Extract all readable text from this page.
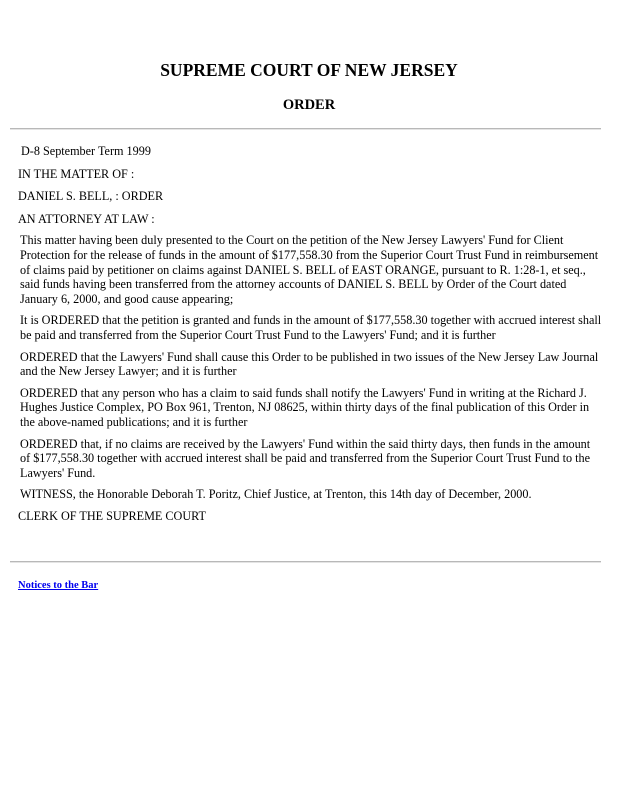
SUPREME COURT OF NEW JERSEY
ORDER

D-8 September Term 1999

IN THE MATTER OF :

DANIEL S. BELL, : ORDER

AN ATTORNEY AT LAW :

This matter having been duly presented to the Court on the petition of the New Jersey Lawyers' Fund for Client Protection for the release of funds in the amount of $177,558.30 from the Superior Court Trust Fund in reimbursement of claims paid by petitioner on claims against DANIEL S. BELL of EAST ORANGE, pursuant to R. 1:28-1, et seq., said funds having been transferred from the attorney accounts of DANIEL S. BELL by Order of the Court dated January 6, 2000, and good cause appearing;

It is ORDERED that the petition is granted and funds in the amount of $177,558.30 together with accrued interest shall be paid and transferred from the Superior Court Trust Fund to the Lawyers' Fund; and it is further

ORDERED that the Lawyers' Fund shall cause this Order to be published in two issues of the New Jersey Law Journal and the New Jersey Lawyer; and it is further

ORDERED that any person who has a claim to said funds shall notify the Lawyers' Fund in writing at the Richard J. Hughes Justice Complex, PO Box 961, Trenton, NJ 08625, within thirty days of the final publication of this Order in the above-named publications; and it is further

ORDERED that, if no claims are received by the Lawyers' Fund within the said thirty days, then funds in the amount of $177,558.30 together with accrued interest shall be paid and transferred from the Superior Court Trust Fund to the Lawyers' Fund.

WITNESS, the Honorable Deborah T. Poritz, Chief Justice, at Trenton, this 14th day of December, 2000.

CLERK OF THE SUPREME COURT

Notices to the Bar
